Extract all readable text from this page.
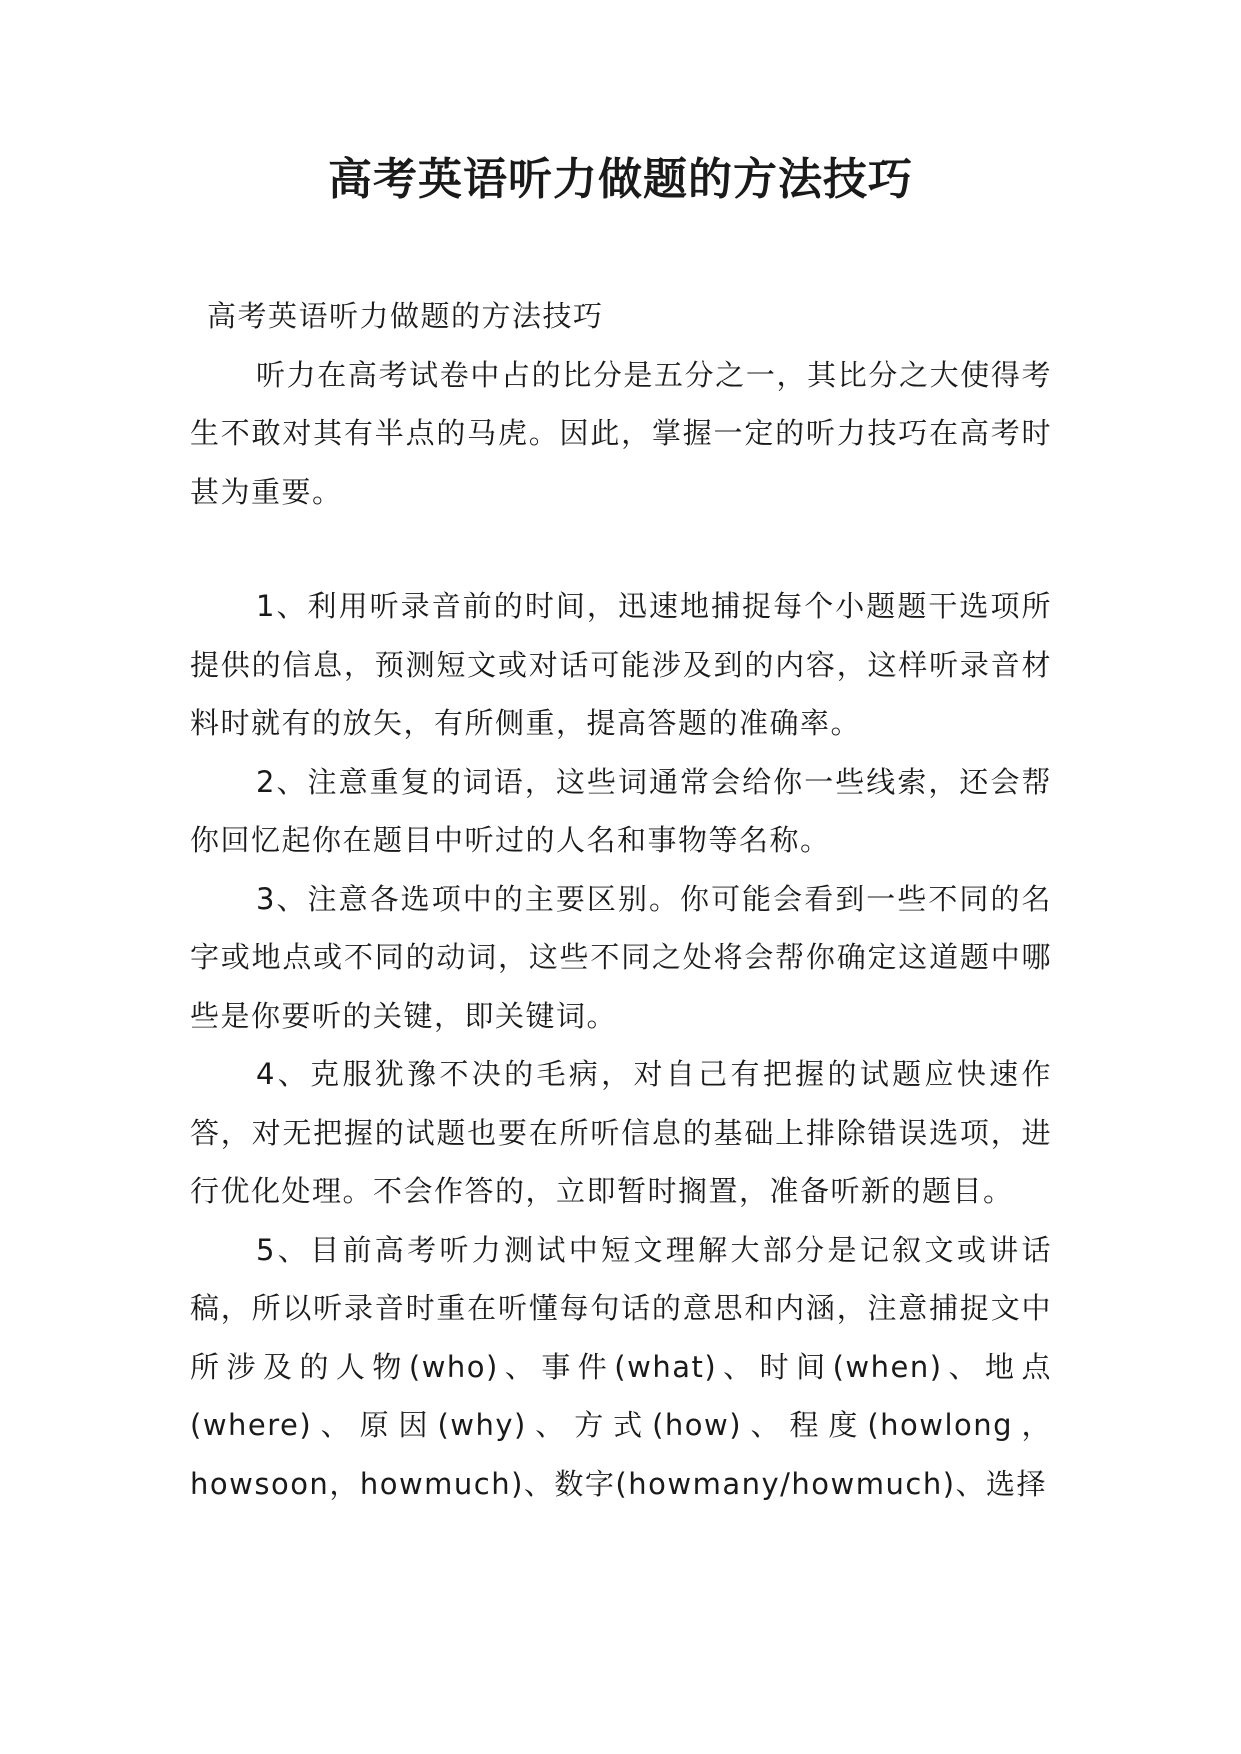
高考英语听力做题的方法技巧

高考英语听力做题的方法技巧

听力在高考试卷中占的比分是五分之一，其比分之大使得考生不敢对其有半点的马虎。因此，掌握一定的听力技巧在高考时甚为重要。

1、利用听录音前的时间，迅速地捕捉每个小题题干选项所提供的信息，预测短文或对话可能涉及到的内容，这样听录音材料时就有的放矢，有所侧重，提高答题的准确率。

2、注意重复的词语，这些词通常会给你一些线索，还会帮你回忆起你在题目中听过的人名和事物等名称。

3、注意各选项中的主要区别。你可能会看到一些不同的名字或地点或不同的动词，这些不同之处将会帮你确定这道题中哪些是你要听的关键，即关键词。

4、克服犹豫不决的毛病，对自己有把握的试题应快速作答，对无把握的试题也要在所听信息的基础上排除错误选项，进行优化处理。不会作答的，立即暂时搁置，准备听新的题目。

5、目前高考听力测试中短文理解大部分是记叙文或讲话稿，所以听录音时重在听懂每句话的意思和内涵，注意捕捉文中所涉及的人物(who)、事件(what)、时间(when)、地点(where)、原因(why)、方式(how)、程度(howlong，howsoon，howmuch)、数字(howmany/howmuch)、选择
